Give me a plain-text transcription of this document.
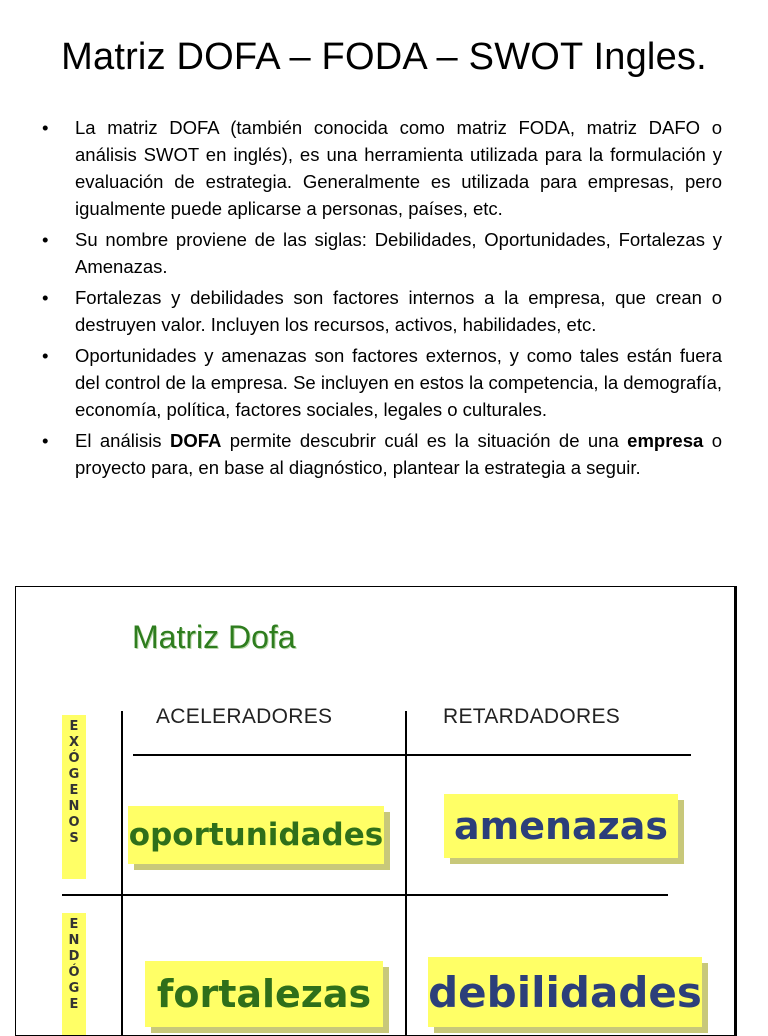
Matriz DOFA – FODA – SWOT Ingles.
• La matriz DOFA (también conocida como matriz FODA, matriz DAFO o análisis SWOT en inglés), es una herramienta utilizada para la formulación y evaluación de estrategia. Generalmente es utilizada para empresas, pero igualmente puede aplicarse a personas, países, etc.
• Su nombre proviene de las siglas: Debilidades, Oportunidades, Fortalezas y Amenazas.
• Fortalezas y debilidades son factores internos a la empresa, que crean o destruyen valor. Incluyen los recursos, activos, habilidades, etc.
• Oportunidades y amenazas son factores externos, y como tales están fuera del control de la empresa. Se incluyen en estos la competencia, la demografía, economía, política, factores sociales, legales o culturales.
• El análisis DOFA permite descubrir cuál es la situación de una empresa o proyecto para, en base al diagnóstico, plantear la estrategia a seguir.
Matriz Dofa
ACELERADORES	RETARDADORES
E
X
Ó
G
E
N
O
S
E
N
D
Ó
G
E
oportunidades amenazas
fortalezas debilidades
